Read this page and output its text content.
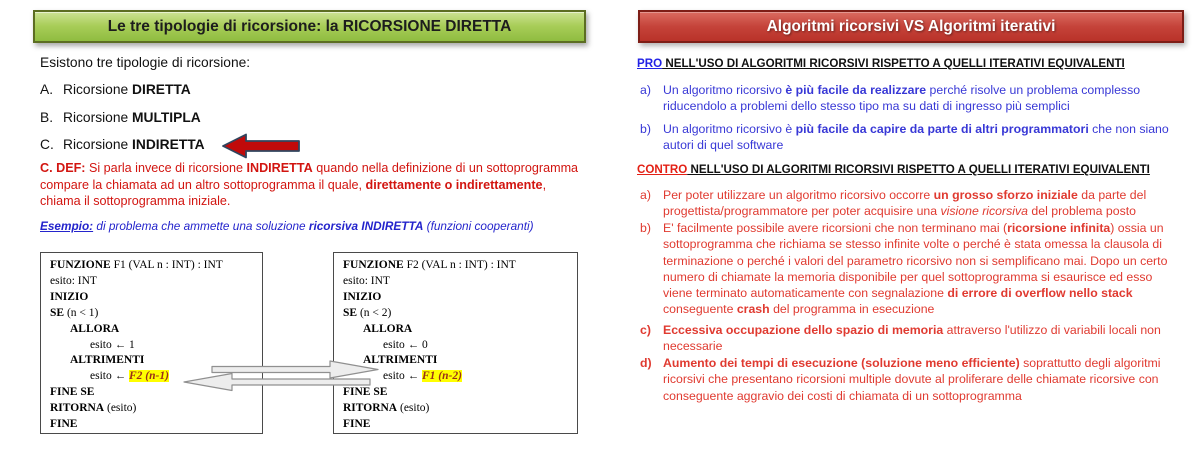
Le tre tipologie di ricorsione: la RICORSIONE DIRETTA

Esistono tre tipologie di ricorsione:

A. Ricorsione DIRETTA
B. Ricorsione MULTIPLA
C. Ricorsione INDIRETTA

C. DEF: Si parla invece di ricorsione INDIRETTA quando nella definizione di un sottoprogramma compare la chiamata ad un altro sottoprogramma il quale, direttamente o indirettamente, chiama il sottoprogramma iniziale.

Esempio: di problema che ammette una soluzione ricorsiva INDIRETTA (funzioni cooperanti)

FUNZIONE F1 (VAL n : INT) : INT
esito: INT
INIZIO
SE (n < 1)
ALLORA
esito ← 1
ALTRIMENTI
esito ← F2 (n-1)
FINE SE
RITORNA (esito)
FINE
FUNZIONE F2 (VAL n : INT) : INT
esito: INT
INIZIO
SE (n < 2)
ALLORA
esito ← 0
ALTRIMENTI
esito ← F1 (n-2)
FINE SE
RITORNA (esito)
FINE
Algoritmi ricorsivi VS Algoritmi iterativi

PRO NELL'USO DI ALGORITMI RICORSIVI RISPETTO A QUELLI ITERATIVI EQUIVALENTI

a) Un algoritmo ricorsivo è più facile da realizzare perché risolve un problema complesso riducendolo a problemi dello stesso tipo ma su dati di ingresso più semplici
b) Un algoritmo ricorsivo è più facile da capire da parte di altri programmatori che non siano autori di quel software

CONTRO NELL'USO DI ALGORITMI RICORSIVI RISPETTO A QUELLI ITERATIVI EQUIVALENTI

a) Per poter utilizzare un algoritmo ricorsivo occorre un grosso sforzo iniziale da parte del progettista/programmatore per poter acquisire una visione ricorsiva del problema posto
b) E' facilmente possibile avere ricorsioni che non terminano mai (ricorsione infinita) ossia un sottoprogramma che richiama se stesso infinite volte o perché è stata omessa la clausola di terminazione o perché i valori del parametro ricorsivo non si semplificano mai. Dopo un certo numero di chiamate la memoria disponibile per quel sottoprogramma si esaurisce ed esso viene terminato automaticamente con segnalazione di errore di overflow nello stack conseguente crash del programma in esecuzione
c) Eccessiva occupazione dello spazio di memoria attraverso l'utilizzo di variabili locali non necessarie
d) Aumento dei tempi di esecuzione (soluzione meno efficiente) soprattutto degli algoritmi ricorsivi che presentano ricorsioni multiple dovute al proliferare delle chiamate ricorsive con conseguente aggravio dei costi di chiamata di un sottoprogramma
